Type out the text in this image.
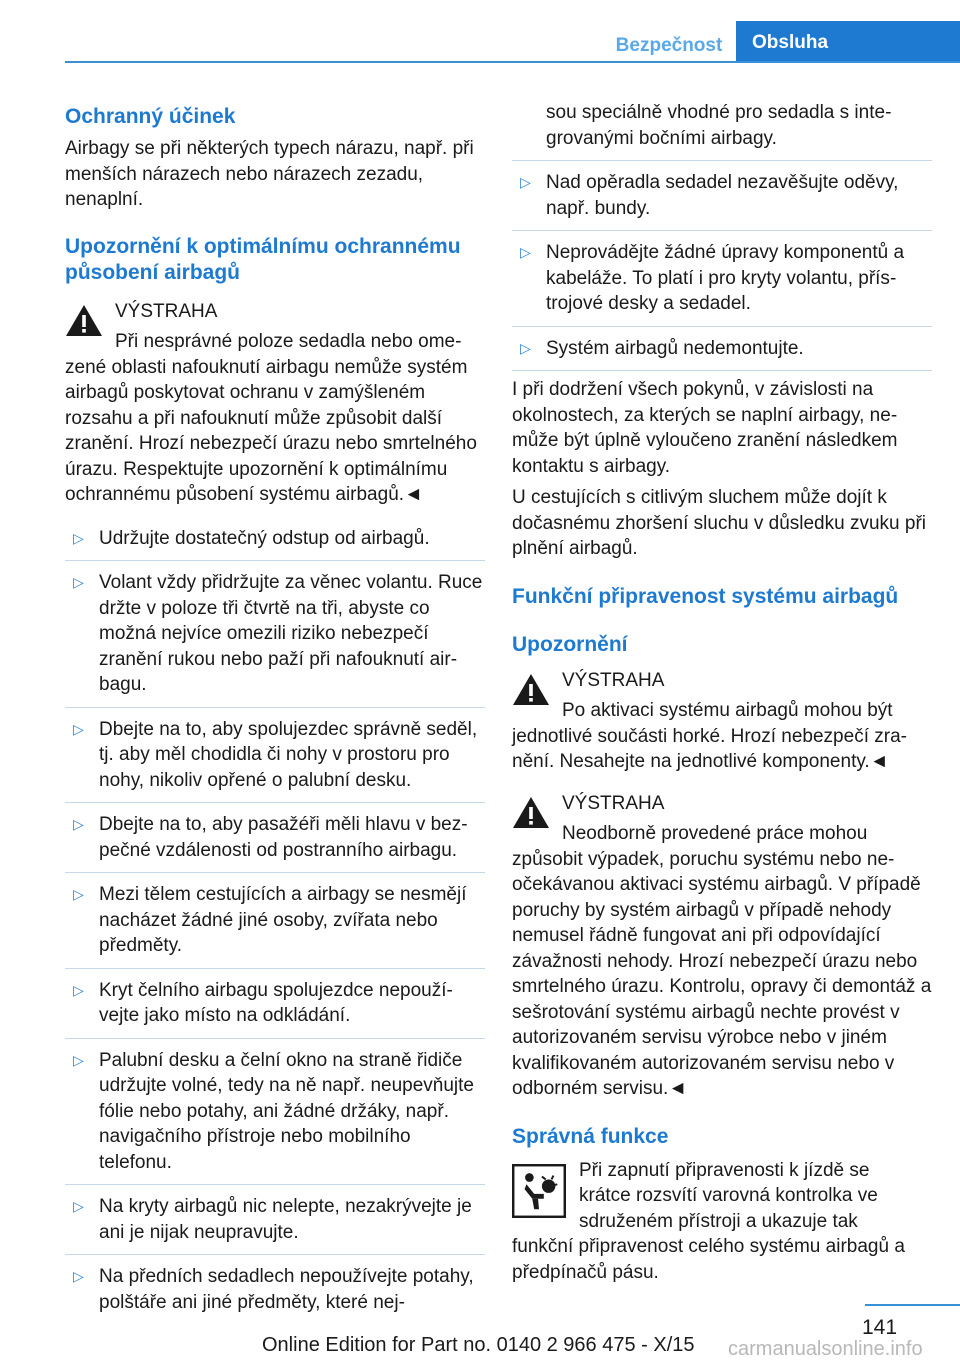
Bezpečnost	Obsluha
Ochranný účinek

Airbagy se při některých typech nárazu, např. při menších nárazech nebo nárazech zezadu, nenaplní.

Upozornění k optimálnímu ochrannému působení airbagů
VÝSTRAHA
Při nesprávné poloze sedadla nebo ome-
zené oblasti nafouknutí airbagu nemůže systém airbagů poskytovat ochranu v zamýšleném rozsahu a při nafouknutí může způsobit další zranění. Hrozí nebezpečí úrazu nebo smrtelného úrazu. Respektujte upozornění k optimálnímu ochrannému působení systému airbagů.◄
▷ Udržujte dostatečný odstup od airbagů.
▷ Volant vždy přidržujte za věnec volantu. Ruce držte v poloze tři čtvrtě na tři, abyste co možná nejvíce omezili riziko nebezpečí zranění rukou nebo paží při nafouknutí airbagu.
▷ Dbejte na to, aby spolujezdec správně seděl, tj. aby měl chodidla či nohy v prostoru pro nohy, nikoliv opřené o palubní desku.
▷ Dbejte na to, aby pasažéři měli hlavu v bezpečné vzdálenosti od postranního airbagu.
▷ Mezi tělem cestujících a airbagy se nesmějí nacházet žádné jiné osoby, zvířata nebo předměty.
▷ Kryt čelního airbagu spolujezdce nepoužívejte jako místo na odkládání.
▷ Palubní desku a čelní okno na straně řidiče udržujte volné, tedy na ně např. neupevňujte fólie nebo potahy, ani žádné držáky, např. navigačního přístroje nebo mobilního telefonu.
▷ Na kryty airbagů nic nelepte, nezakrývejte je ani je nijak neupravujte.
▷ Na předních sedadlech nepoužívejte potahy, polštáře ani jiné předměty, které nej-
sou speciálně vhodné pro sedadla s integrovanými bočními airbagy.
▷ Nad opěradla sedadel nezavěšujte oděvy, např. bundy.
▷ Neprovádějte žádné úpravy komponentů a kabeláže. To platí i pro kryty volantu, přístrojové desky a sedadel.
▷ Systém airbagů nedemontujte.

I při dodržení všech pokynů, v závislosti na okolnostech, za kterých se naplní airbagy, nemůže být úplně vyloučeno zranění následkem kontaktu s airbagy.

U cestujících s citlivým sluchem může dojít k dočasnému zhoršení sluchu v důsledku zvuku při plnění airbagů.

Funkční připravenost systému airbagů
Upozornění
VÝSTRAHA
Po aktivaci systému airbagů mohou být
jednotlivé součásti horké. Hrozí nebezpečí zranění. Nesahejte na jednotlivé komponenty.◄
VÝSTRAHA
Neodborně provedené práce mohou
způsobit výpadek, poruchu systému nebo neočekávanou aktivaci systému airbagů. V případě poruchy by systém airbagů v případě nehody nemusel řádně fungovat ani při odpovídající závažnosti nehody. Hrozí nebezpečí úrazu nebo smrtelného úrazu. Kontrolu, opravy či demontáž a sešrotování systému airbagů nechte provést v autorizovaném servisu výrobce nebo v jiném kvalifikovaném autorizovaném servisu nebo v odborném servisu.◄
Správná funkce
Při zapnutí připravenosti k jízdě se
krátce rozsvítí varovná kontrolka ve
sdruženém přístroji a ukazuje tak
funkční připravenost celého systému airbagů a předpínačů pásu.
141
Online Edition for Part no. 0140 2 966 475 - X/15 carmanualsonline.info
